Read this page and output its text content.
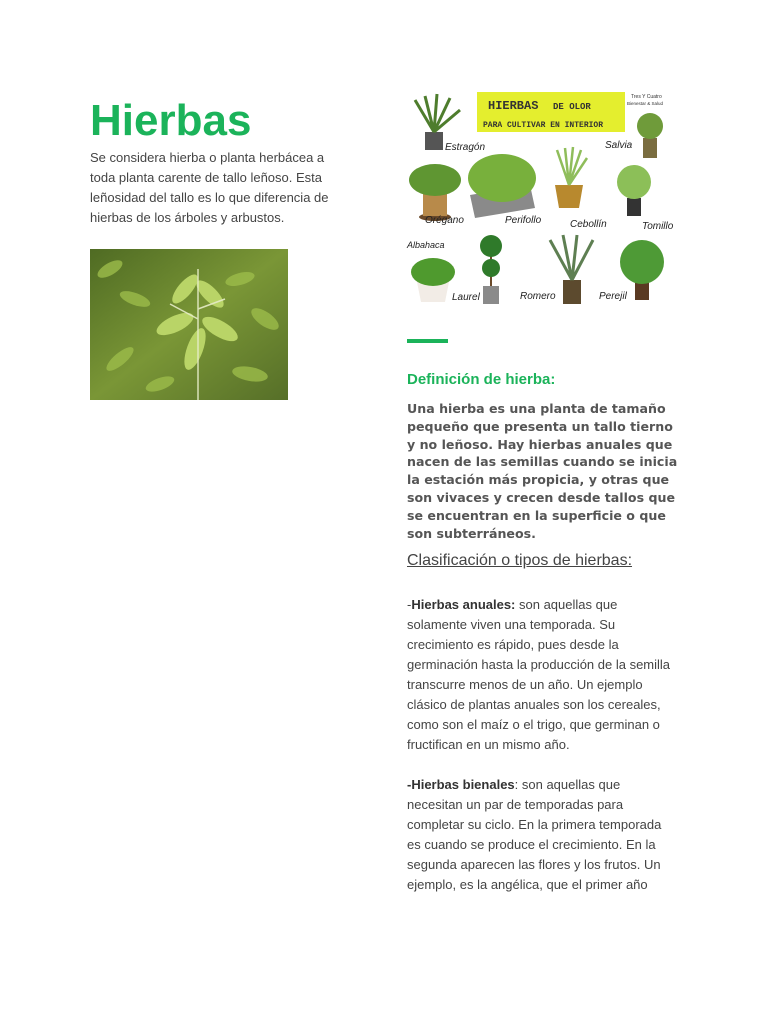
Hierbas

Se considera hierba o planta herbácea a toda planta carente de tallo leñoso. Esta leñosidad del tallo es lo que diferencia de hierbas de los árboles y arbustos.

HIERBAS DE OLOR
PARA CULTIVAR EN INTERIOR
Tres Y Cuatro
Bienestar & Salud
Estragón	Salvia
Orégano	Perifollo	Cebollín	Tomillo
Albahaca
Laurel	Romero	Perejil
Definición de hierba:

Una hierba es una planta de tamaño pequeño que presenta un tallo tierno y no leñoso. Hay hierbas anuales que nacen de las semillas cuando se inicia la estación más propicia, y otras que son vivaces y crecen desde tallos que se encuentran en la superficie o que son subterráneos.

Clasificación o tipos de hierbas:

-Hierbas anuales: son aquellas que solamente viven una temporada. Su crecimiento es rápido, pues desde la germinación hasta la producción de la semilla transcurre menos de un año. Un ejemplo clásico de plantas anuales son los cereales, como son el maíz o el trigo, que germinan o fructifican en un mismo año.

-Hierbas bienales: son aquellas que necesitan un par de temporadas para completar su ciclo. En la primera temporada es cuando se produce el crecimiento. En la segunda aparecen las flores y los frutos. Un ejemplo, es la angélica, que el primer año
